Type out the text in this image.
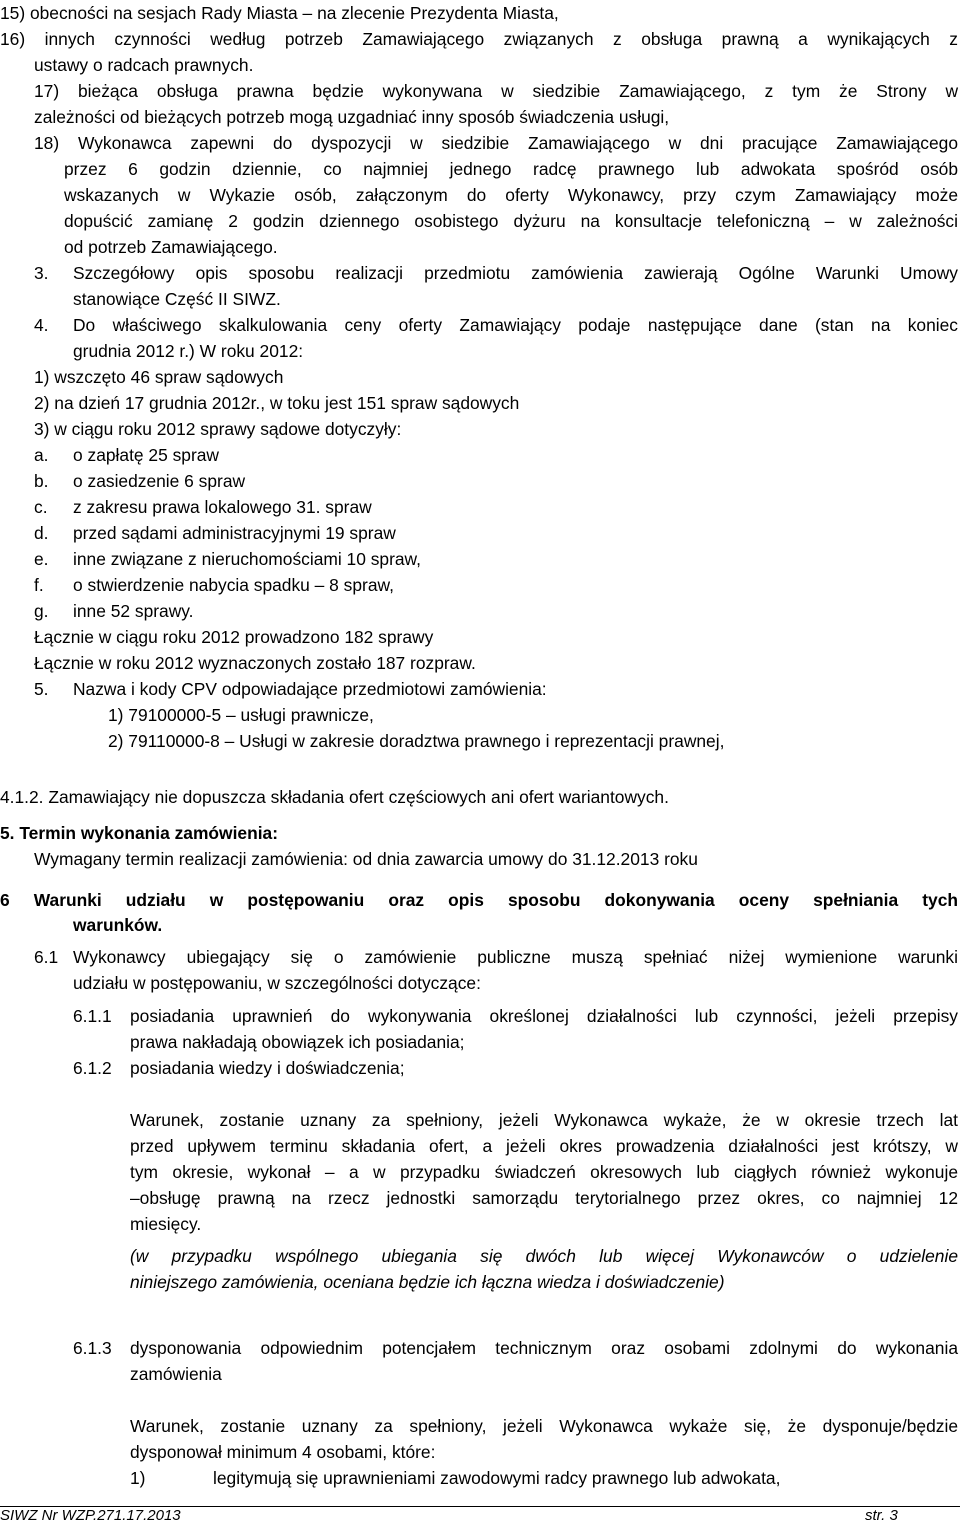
15) obecności na sesjach Rady Miasta – na zlecenie Prezydenta Miasta,
16) innych czynności według potrzeb Zamawiającego związanych z obsługa prawną a wynikających z
ustawy o radcach prawnych.
17) bieżąca obsługa prawna będzie wykonywana w siedzibie Zamawiającego, z tym że Strony w
zależności od bieżących potrzeb mogą uzgadniać inny sposób świadczenia usługi,
18) Wykonawca zapewni do dyspozycji w siedzibie Zamawiającego w dni pracujące Zamawiającego
przez 6 godzin dziennie, co najmniej jednego radcę prawnego lub adwokata spośród osób
wskazanych w Wykazie osób, załączonym do oferty Wykonawcy, przy czym Zamawiający może
dopuścić zamianę 2 godzin dziennego osobistego dyżuru na konsultacje telefoniczną – w zależności
od potrzeb Zamawiającego.
3. Szczegółowy opis sposobu realizacji przedmiotu zamówienia zawierają Ogólne Warunki Umowy
stanowiące Część II SIWZ.
4. Do właściwego skalkulowania ceny oferty Zamawiający podaje następujące dane (stan na koniec
grudnia 2012 r.) W roku 2012:
1) wszczęto 46 spraw sądowych
2) na dzień 17 grudnia 2012r., w toku jest 151 spraw sądowych
3) w ciągu roku 2012 sprawy sądowe dotyczyły:
a. o zapłatę 25 spraw
b. o zasiedzenie 6 spraw
c. z zakresu prawa lokalowego 31. spraw
d. przed sądami administracyjnymi 19 spraw
e. inne związane z nieruchomościami 10 spraw,
f. o stwierdzenie nabycia spadku – 8 spraw,
g. inne 52 sprawy.
Łącznie w ciągu roku 2012 prowadzono 182 sprawy
Łącznie w roku 2012 wyznaczonych zostało 187 rozpraw.
5. Nazwa i kody CPV odpowiadające przedmiotowi zamówienia:
1) 79100000-5 – usługi prawnicze,
2) 79110000-8 – Usługi w zakresie doradztwa prawnego i reprezentacji prawnej,
4.1.2. Zamawiający nie dopuszcza składania ofert częściowych ani ofert wariantowych.
5. Termin wykonania zamówienia:
Wymagany termin realizacji zamówienia: od dnia zawarcia umowy do 31.12.2013 roku
6 Warunki udziału w postępowaniu oraz opis sposobu dokonywania oceny spełniania tych
warunków.
6.1 Wykonawcy ubiegający się o zamówienie publiczne muszą spełniać niżej wymienione warunki
udziału w postępowaniu, w szczególności dotyczące:
6.1.1 posiadania uprawnień do wykonywania określonej działalności lub czynności, jeżeli przepisy
prawa nakładają obowiązek ich posiadania;
6.1.2 posiadania wiedzy i doświadczenia;
Warunek, zostanie uznany za spełniony, jeżeli Wykonawca wykaże, że w okresie trzech lat
przed upływem terminu składania ofert, a jeżeli okres prowadzenia działalności jest krótszy, w
tym okresie, wykonał – a w przypadku świadczeń okresowych lub ciągłych również wykonuje
–obsługę prawną na rzecz jednostki samorządu terytorialnego przez okres, co najmniej 12
miesięcy.
(w przypadku wspólnego ubiegania się dwóch lub więcej Wykonawców o udzielenie
niniejszego zamówienia, oceniana będzie ich łączna wiedza i doświadczenie)
6.1.3 dysponowania odpowiednim potencjałem technicznym oraz osobami zdolnymi do wykonania
zamówienia
Warunek, zostanie uznany za spełniony, jeżeli Wykonawca wykaże się, że dysponuje/będzie
dysponował minimum 4 osobami, które:
1)	legitymują się uprawnieniami zawodowymi radcy prawnego lub adwokata,
SIWZ Nr WZP.271.17.2013	str. 3
